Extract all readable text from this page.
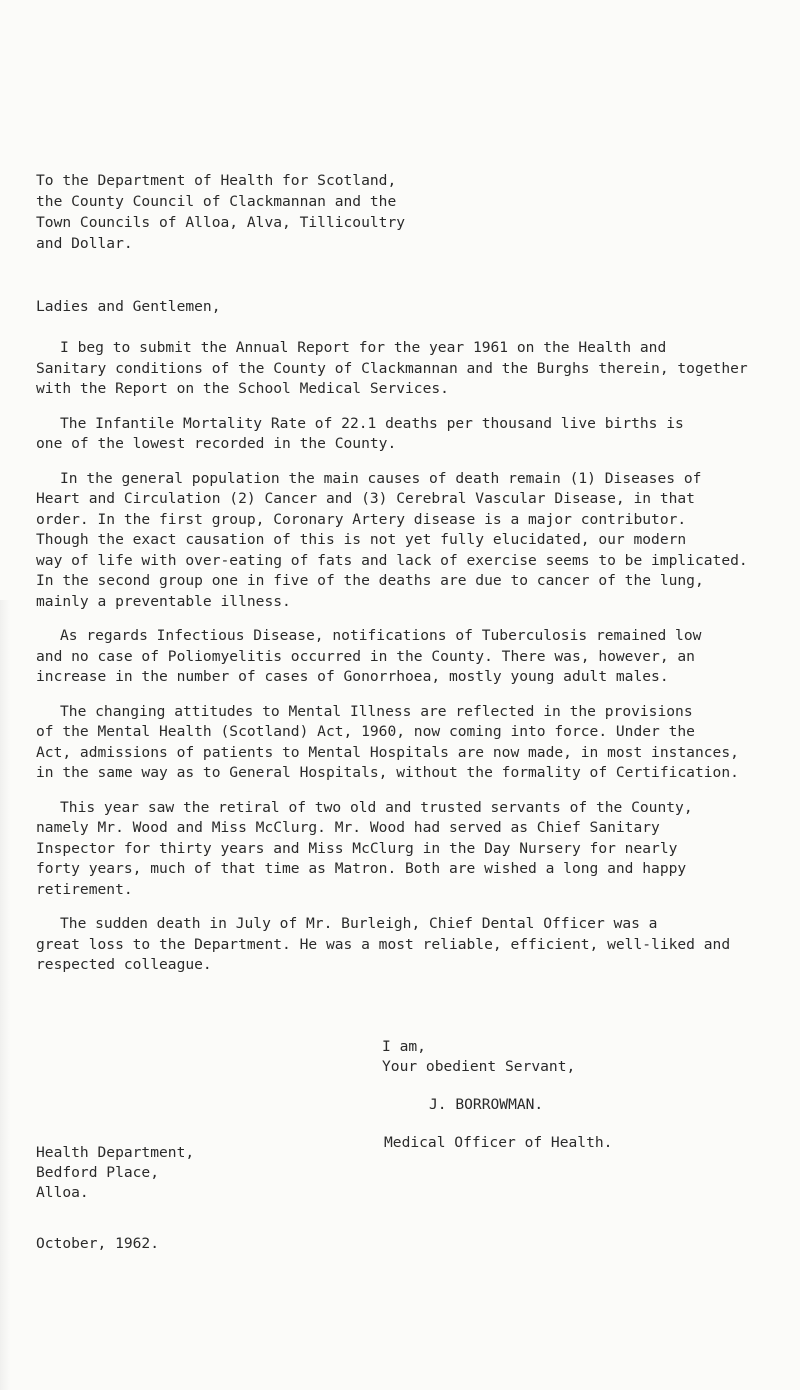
To the Department of Health for Scotland,
the County Council of Clackmannan and the
Town Councils of Alloa, Alva, Tillicoultry
and Dollar.
Ladies and Gentlemen,
I beg to submit the Annual Report for the year 1961 on the Health and
Sanitary conditions of the County of Clackmannan and the Burghs therein, together
with the Report on the School Medical Services.
The Infantile Mortality Rate of 22.1 deaths per thousand live births is
one of the lowest recorded in the County.
In the general population the main causes of death remain (1) Diseases of
Heart and Circulation (2) Cancer and (3) Cerebral Vascular Disease, in that
order. In the first group, Coronary Artery disease is a major contributor.
Though the exact causation of this is not yet fully elucidated, our modern
way of life with over-eating of fats and lack of exercise seems to be implicated.
In the second group one in five of the deaths are due to cancer of the lung,
mainly a preventable illness.
As regards Infectious Disease, notifications of Tuberculosis remained low
and no case of Poliomyelitis occurred in the County. There was, however, an
increase in the number of cases of Gonorrhoea, mostly young adult males.
The changing attitudes to Mental Illness are reflected in the provisions
of the Mental Health (Scotland) Act, 1960, now coming into force. Under the
Act, admissions of patients to Mental Hospitals are now made, in most instances,
in the same way as to General Hospitals, without the formality of Certification.
This year saw the retiral of two old and trusted servants of the County,
namely Mr. Wood and Miss McClurg. Mr. Wood had served as Chief Sanitary
Inspector for thirty years and Miss McClurg in the Day Nursery for nearly
forty years, much of that time as Matron. Both are wished a long and happy
retirement.
The sudden death in July of Mr. Burleigh, Chief Dental Officer was a
great loss to the Department. He was a most reliable, efficient, well-liked and
respected colleague.
I am,
Your obedient Servant,
J. BORROWMAN.
Medical Officer of Health.
Health Department,
Bedford Place,
Alloa.
October, 1962.
